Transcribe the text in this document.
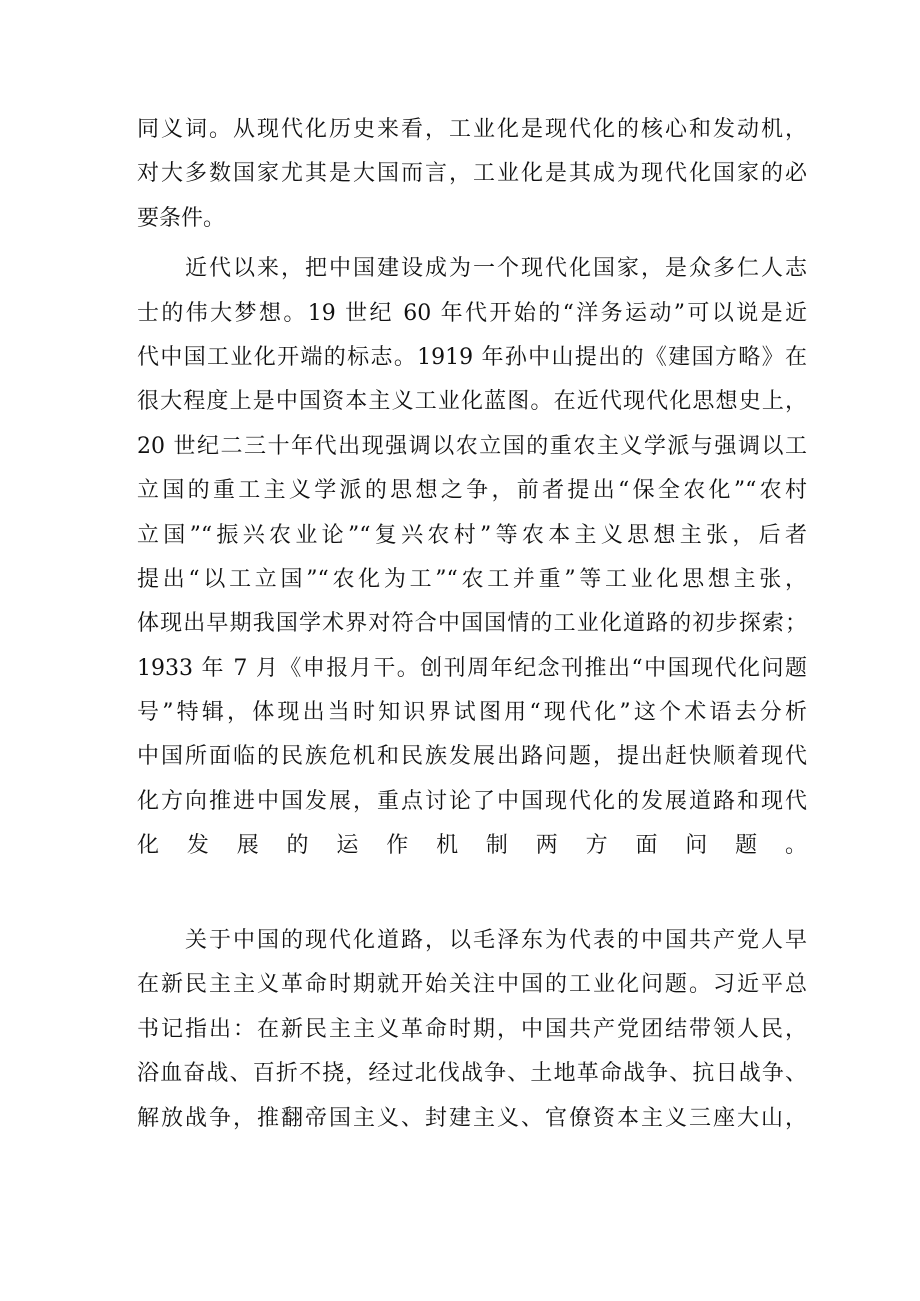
同义词。从现代化历史来看，工业化是现代化的核心和发动机，
对大多数国家尤其是大国而言，工业化是其成为现代化国家的必
要条件。
近代以来，把中国建设成为一个现代化国家，是众多仁人志
士的伟大梦想。19 世纪 60 年代开始的“洋务运动”可以说是近
代中国工业化开端的标志。1919 年孙中山提出的《建国方略》在
很大程度上是中国资本主义工业化蓝图。在近代现代化思想史上，
20 世纪二三十年代出现强调以农立国的重农主义学派与强调以工
立国的重工主义学派的思想之争，前者提出“保全农化”“农村
立国”“振兴农业论”“复兴农村”等农本主义思想主张，后者
提出“以工立国”“农化为工”“农工并重”等工业化思想主张，
体现出早期我国学术界对符合中国国情的工业化道路的初步探索；
1933 年 7 月《申报月干。创刊周年纪念刊推出“中国现代化问题
号”特辑，体现出当时知识界试图用“现代化”这个术语去分析
中国所面临的民族危机和民族发展出路问题，提出赶快顺着现代
化方向推进中国发展，重点讨论了中国现代化的发展道路和现代
化发展的运作机制两方面问题。
关于中国的现代化道路，以毛泽东为代表的中国共产党人早
在新民主主义革命时期就开始关注中国的工业化问题。习近平总
书记指出：在新民主主义革命时期，中国共产党团结带领人民，
浴血奋战、百折不挠，经过北伐战争、土地革命战争、抗日战争、
解放战争，推翻帝国主义、封建主义、官僚资本主义三座大山，
